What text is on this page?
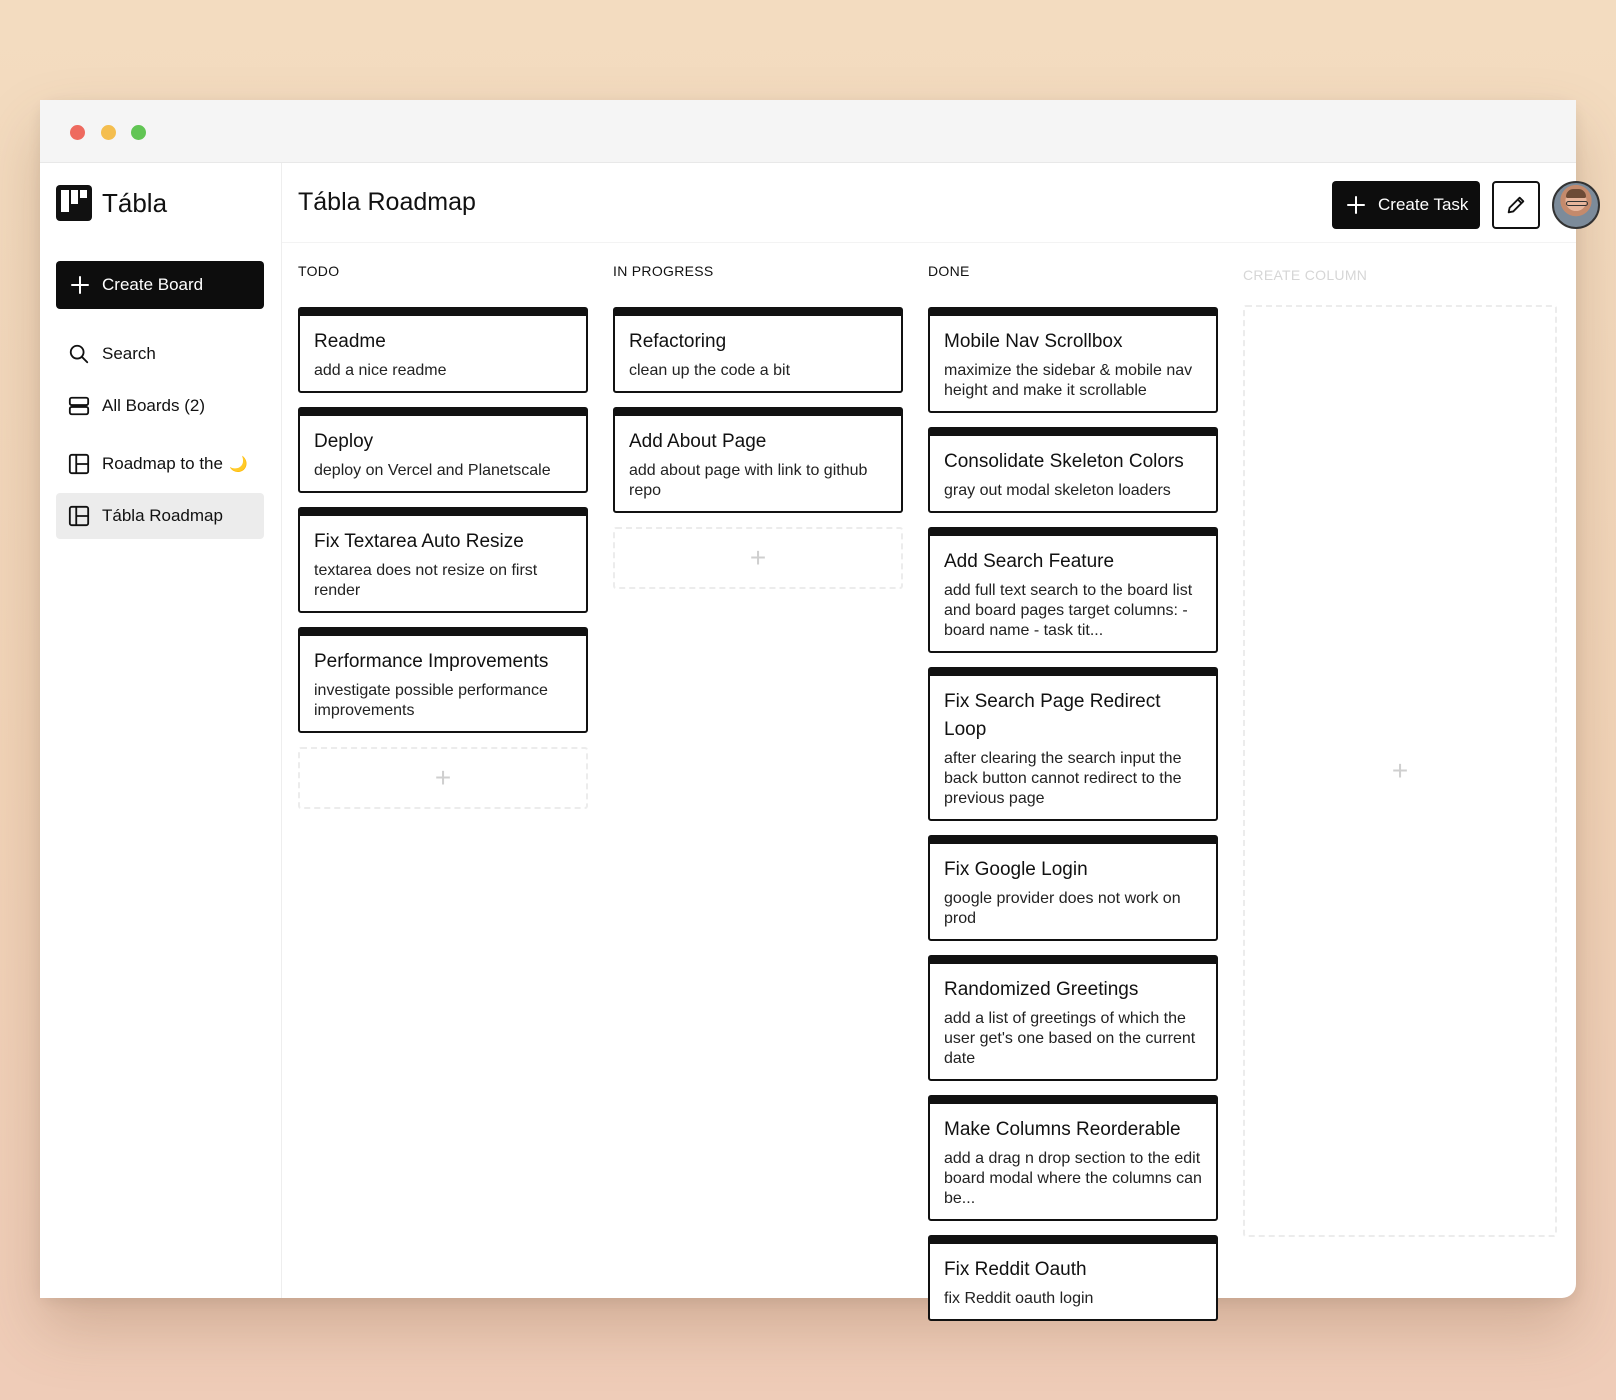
Tábla
Create Board
Search
All Boards (2)
Roadmap to the 🌙
Tábla Roadmap
Tábla Roadmap	Create Task
TODO
Readme
add a nice readme
Deploy
deploy on Vercel and Planetscale
Fix Textarea Auto Resize
textarea does not resize on first render
Performance Improvements
investigate possible performance improvements
+
IN PROGRESS
Refactoring
clean up the code a bit
Add About Page
add about page with link to github repo
+
DONE
Mobile Nav Scrollbox
maximize the sidebar & mobile nav height and make it scrollable
Consolidate Skeleton Colors
gray out modal skeleton loaders
Add Search Feature
add full text search to the board list and board pages target columns: - board name - task tit...
Fix Search Page Redirect Loop
after clearing the search input the back button cannot redirect to the previous page
Fix Google Login
google provider does not work on prod
Randomized Greetings
add a list of greetings of which the user get's one based on the current date
Make Columns Reorderable
add a drag n drop section to the edit board modal where the columns can be...
Fix Reddit Oauth
fix Reddit oauth login
CREATE COLUMN
+
